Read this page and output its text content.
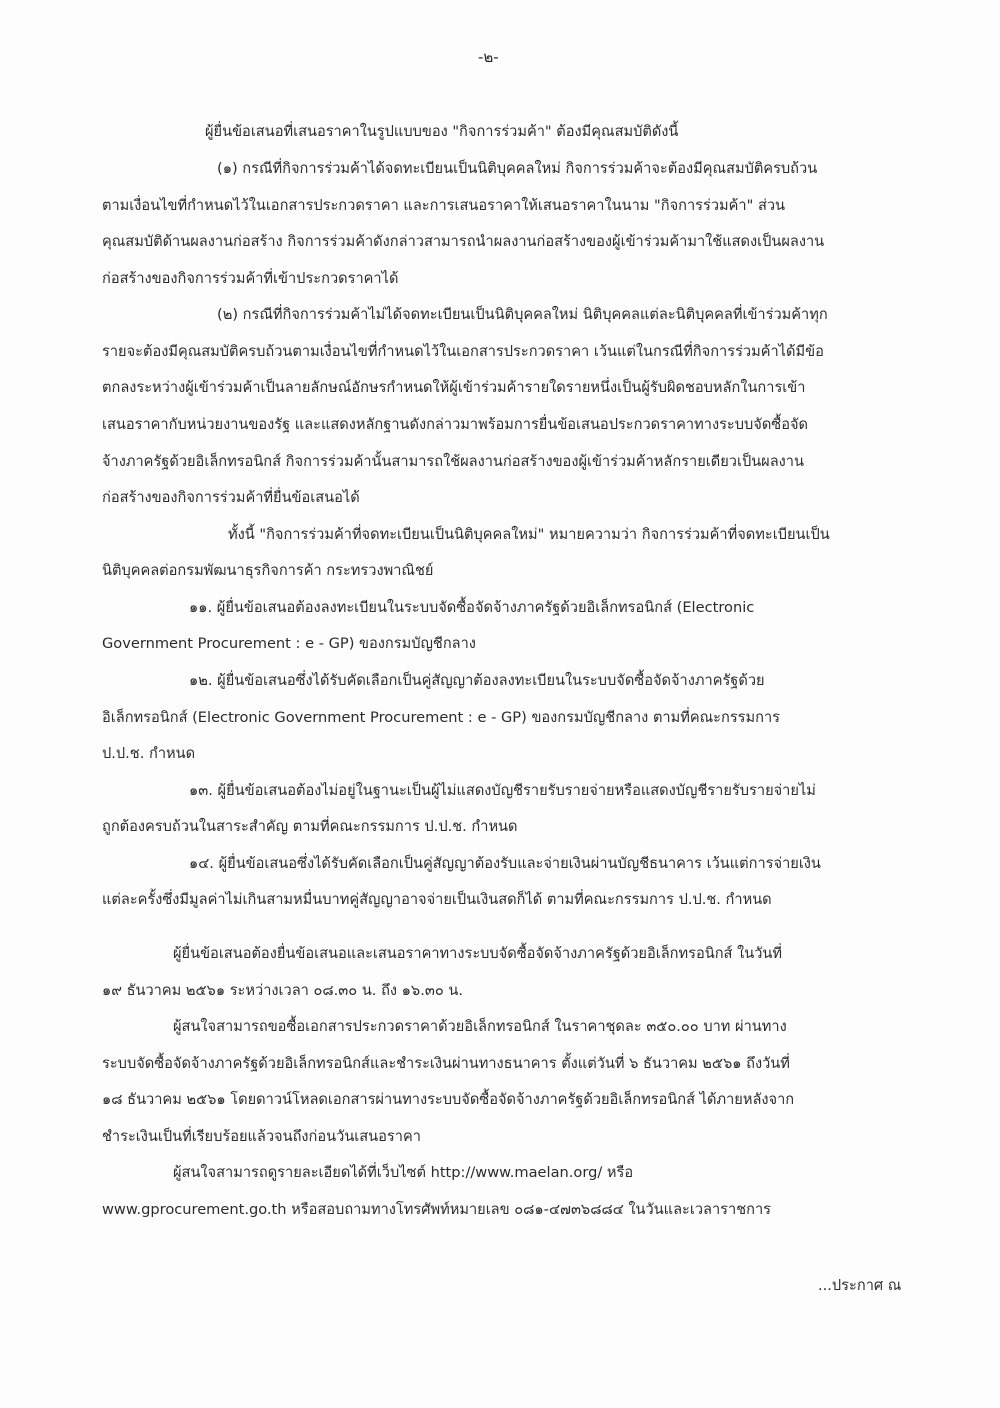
-๒-
ผู้ยื่นข้อเสนอที่เสนอราคาในรูปแบบของ "กิจการร่วมค้า" ต้องมีคุณสมบัติดังนี้
(๑) กรณีที่กิจการร่วมค้าได้จดทะเบียนเป็นนิติบุคคลใหม่ กิจการร่วมค้าจะต้องมีคุณสมบัติครบถ้วน
ตามเงื่อนไขที่กำหนดไว้ในเอกสารประกวดราคา และการเสนอราคาให้เสนอราคาในนาม "กิจการร่วมค้า" ส่วน
คุณสมบัติด้านผลงานก่อสร้าง กิจการร่วมค้าดังกล่าวสามารถนำผลงานก่อสร้างของผู้เข้าร่วมค้ามาใช้แสดงเป็นผลงาน
ก่อสร้างของกิจการร่วมค้าที่เข้าประกวดราคาได้
(๒) กรณีที่กิจการร่วมค้าไม่ได้จดทะเบียนเป็นนิติบุคคลใหม่ นิติบุคคลแต่ละนิติบุคคลที่เข้าร่วมค้าทุก
รายจะต้องมีคุณสมบัติครบถ้วนตามเงื่อนไขที่กำหนดไว้ในเอกสารประกวดราคา เว้นแต่ในกรณีที่กิจการร่วมค้าได้มีข้อ
ตกลงระหว่างผู้เข้าร่วมค้าเป็นลายลักษณ์อักษรกำหนดให้ผู้เข้าร่วมค้ารายใดรายหนึ่งเป็นผู้รับผิดชอบหลักในการเข้า
เสนอราคากับหน่วยงานของรัฐ และแสดงหลักฐานดังกล่าวมาพร้อมการยื่นข้อเสนอประกวดราคาทางระบบจัดซื้อจัด
จ้างภาครัฐด้วยอิเล็กทรอนิกส์ กิจการร่วมค้านั้นสามารถใช้ผลงานก่อสร้างของผู้เข้าร่วมค้าหลักรายเดียวเป็นผลงาน
ก่อสร้างของกิจการร่วมค้าที่ยื่นข้อเสนอได้
ทั้งนี้ "กิจการร่วมค้าที่จดทะเบียนเป็นนิติบุคคลใหม่" หมายความว่า กิจการร่วมค้าที่จดทะเบียนเป็น
นิติบุคคลต่อกรมพัฒนาธุรกิจการค้า กระทรวงพาณิชย์
๑๑. ผู้ยื่นข้อเสนอต้องลงทะเบียนในระบบจัดซื้อจัดจ้างภาครัฐด้วยอิเล็กทรอนิกส์ (Electronic
Government Procurement : e - GP) ของกรมบัญชีกลาง
๑๒. ผู้ยื่นข้อเสนอซึ่งได้รับคัดเลือกเป็นคู่สัญญาต้องลงทะเบียนในระบบจัดซื้อจัดจ้างภาครัฐด้วย
อิเล็กทรอนิกส์ (Electronic Government Procurement : e - GP) ของกรมบัญชีกลาง ตามที่คณะกรรมการ
ป.ป.ช. กำหนด
๑๓. ผู้ยื่นข้อเสนอต้องไม่อยู่ในฐานะเป็นผู้ไม่แสดงบัญชีรายรับรายจ่ายหรือแสดงบัญชีรายรับรายจ่ายไม่
ถูกต้องครบถ้วนในสาระสำคัญ ตามที่คณะกรรมการ ป.ป.ช. กำหนด
๑๔. ผู้ยื่นข้อเสนอซึ่งได้รับคัดเลือกเป็นคู่สัญญาต้องรับและจ่ายเงินผ่านบัญชีธนาคาร เว้นแต่การจ่ายเงิน
แต่ละครั้งซึ่งมีมูลค่าไม่เกินสามหมื่นบาทคู่สัญญาอาจจ่ายเป็นเงินสดก็ได้ ตามที่คณะกรรมการ ป.ป.ช. กำหนด
ผู้ยื่นข้อเสนอต้องยื่นข้อเสนอและเสนอราคาทางระบบจัดซื้อจัดจ้างภาครัฐด้วยอิเล็กทรอนิกส์ ในวันที่
๑๙ ธันวาคม ๒๕๖๑ ระหว่างเวลา ๐๘.๓๐ น. ถึง ๑๖.๓๐ น.
ผู้สนใจสามารถขอซื้อเอกสารประกวดราคาด้วยอิเล็กทรอนิกส์ ในราคาชุดละ ๓๕๐.๐๐ บาท ผ่านทาง
ระบบจัดซื้อจัดจ้างภาครัฐด้วยอิเล็กทรอนิกส์และชำระเงินผ่านทางธนาคาร ตั้งแต่วันที่ ๖ ธันวาคม ๒๕๖๑ ถึงวันที่
๑๘ ธันวาคม ๒๕๖๑ โดยดาวน์โหลดเอกสารผ่านทางระบบจัดซื้อจัดจ้างภาครัฐด้วยอิเล็กทรอนิกส์ ได้ภายหลังจาก
ชำระเงินเป็นที่เรียบร้อยแล้วจนถึงก่อนวันเสนอราคา
ผู้สนใจสามารถดูรายละเอียดได้ที่เว็บไซต์ http://www.maelan.org/ หรือ
www.gprocurement.go.th หรือสอบถามทางโทรศัพท์หมายเลข ๐๘๑-๔๗๓๖๘๘๔ ในวันและเวลาราชการ
...ประกาศ ณ
